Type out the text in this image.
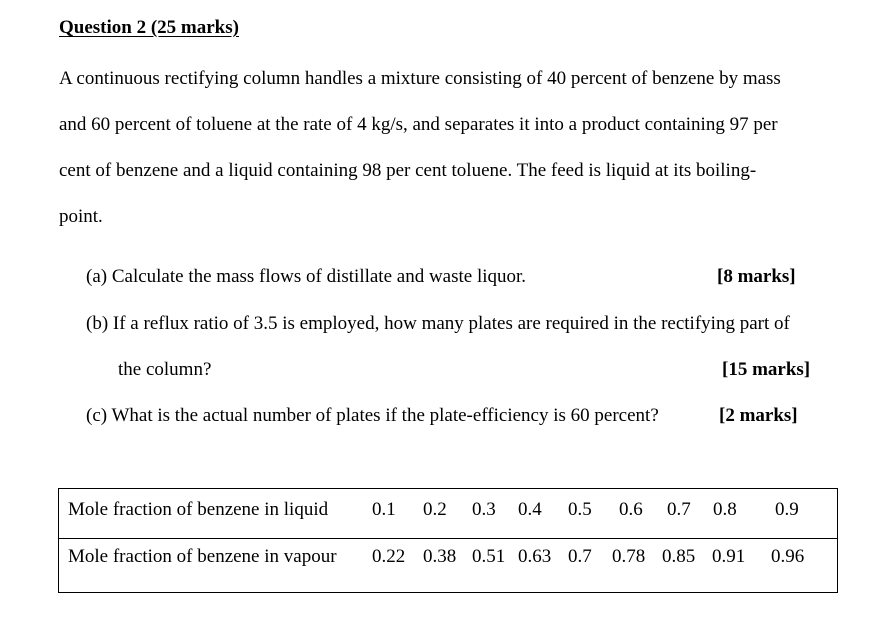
Question 2 (25 marks)
A continuous rectifying column handles a mixture consisting of 40 percent of benzene by mass
and 60 percent of toluene at the rate of 4 kg/s, and separates it into a product containing 97 per
cent of benzene and a liquid containing 98 per cent toluene. The feed is liquid at its boiling-
point.
(a) Calculate the mass flows of distillate and waste liquor.	[8 marks]
(b) If a reflux ratio of 3.5 is employed, how many plates are required in the rectifying part of
the column?	[15 marks]
(c) What is the actual number of plates if the plate-efficiency is 60 percent?	[2 marks]
Mole fraction of benzene in liquid 0.1 0.2 0.3 0.4 0.5 0.6 0.7 0.8 0.9
Mole fraction of benzene in vapour 0.22 0.38 0.51 0.63 0.7 0.78 0.85 0.91 0.96
